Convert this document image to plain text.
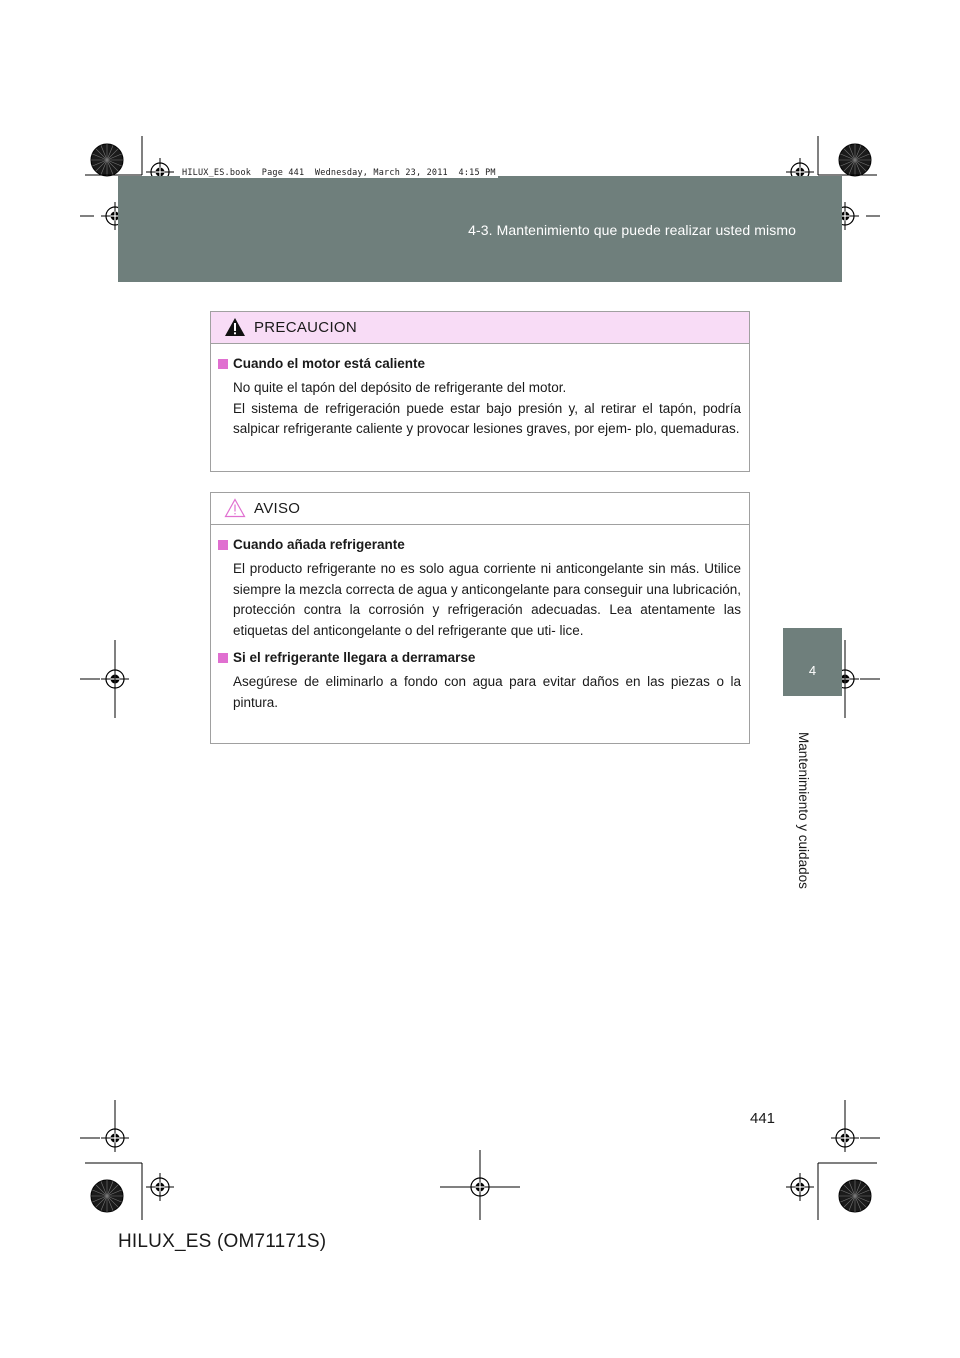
4-3. Mantenimiento que puede realizar usted mismo
HILUX_ES.book  Page 441  Wednesday, March 23, 2011  4:15 PM
4
Mantenimiento y cuidados
PRECAUCION
Cuando el motor está caliente

No quite el tapón del depósito de refrigerante del motor.

El sistema de refrigeración puede estar bajo presión y, al retirar el tapón, podría salpicar refrigerante caliente y provocar lesiones graves, por ejem- plo, quemaduras.

AVISO
Cuando añada refrigerante

El producto refrigerante no es solo agua corriente ni anticongelante sin más. Utilice siempre la mezcla correcta de agua y anticongelante para conseguir una lubricación, protección contra la corrosión y refrigeración adecuadas. Lea atentamente las etiquetas del anticongelante o del refrigerante que uti- lice.

Si el refrigerante llegara a derramarse

Asegúrese de eliminarlo a fondo con agua para evitar daños en las piezas o la pintura.

441
HILUX_ES (OM71171S)
